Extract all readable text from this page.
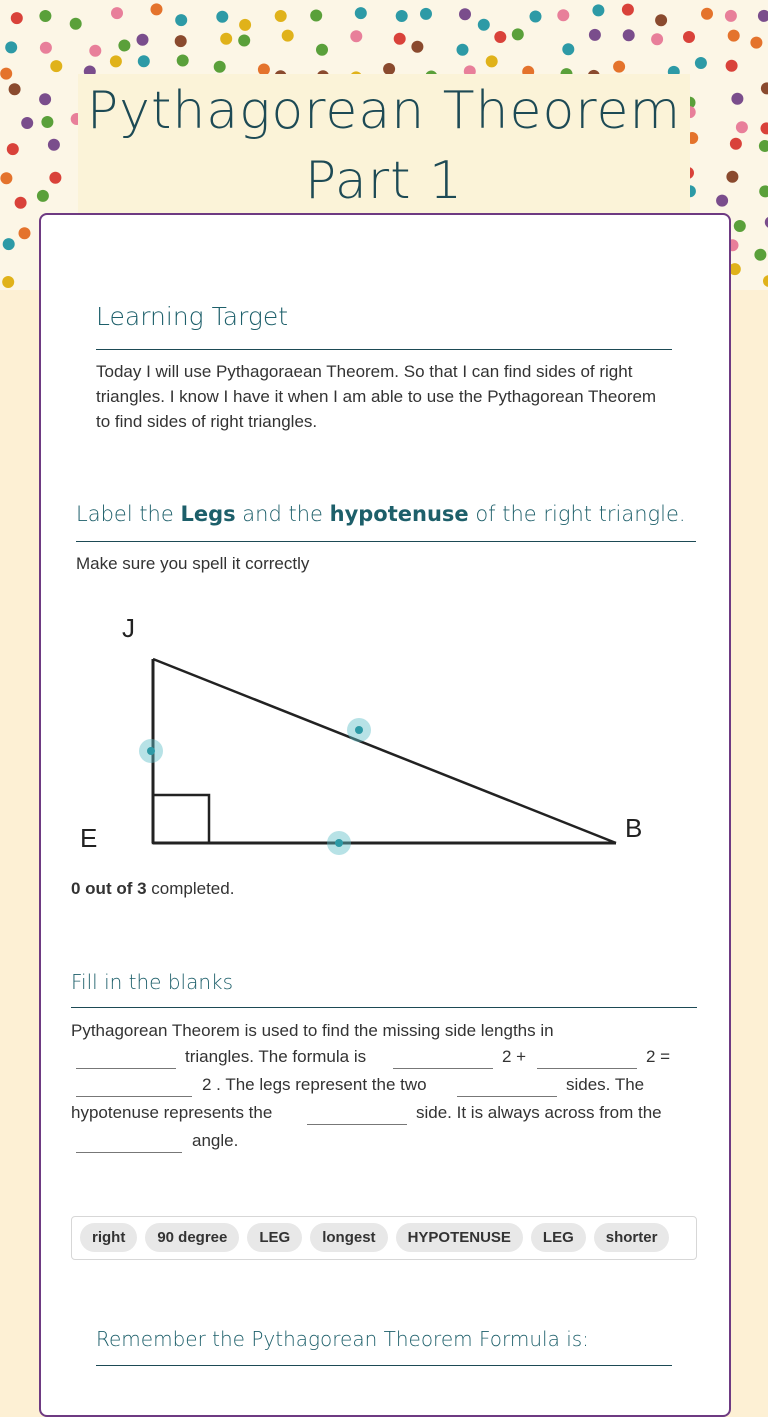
Pythagorean Theorem
Part 1
Learning Target
Today I will use Pythagoraean Theorem. So that I can find sides of right triangles. I know I have it when I am able to use the Pythagorean Theorem to find sides of right triangles.
Label the Legs and the hypotenuse of the right triangle.
Make sure you spell it correctly
J
E	B
0 out of 3 completed.
Fill in the blanks
Pythagorean Theorem is used to find the missing side lengths in
triangles. The formula is	2 +	2 =
2 . The legs represent the two	sides. The
hypotenuse represents the	side. It is always across from the
angle.
right 90 degree LEG longest HYPOTENUSE LEG shorter
Remember the Pythagorean Theorem Formula is:
